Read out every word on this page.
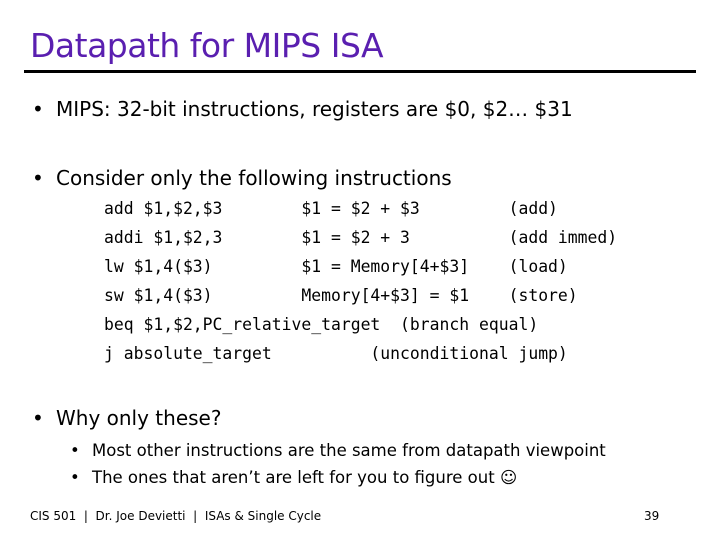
Datapath for MIPS ISA
• MIPS: 32-bit instructions, registers are $0, $2… $31
• Consider only the following instructions
add $1,$2,$3        $1 = $2 + $3         (add)
addi $1,$2,3        $1 = $2 + 3          (add immed)
lw $1,4($3)         $1 = Memory[4+$3]    (load)
sw $1,4($3)         Memory[4+$3] = $1    (store)
beq $1,$2,PC_relative_target  (branch equal)
j absolute_target          (unconditional jump)
• Why only these?
• Most other instructions are the same from datapath viewpoint
• The ones that aren’t are left for you to figure out ☺
CIS 501  |  Dr. Joe Devietti  |  ISAs & Single Cycle	39
